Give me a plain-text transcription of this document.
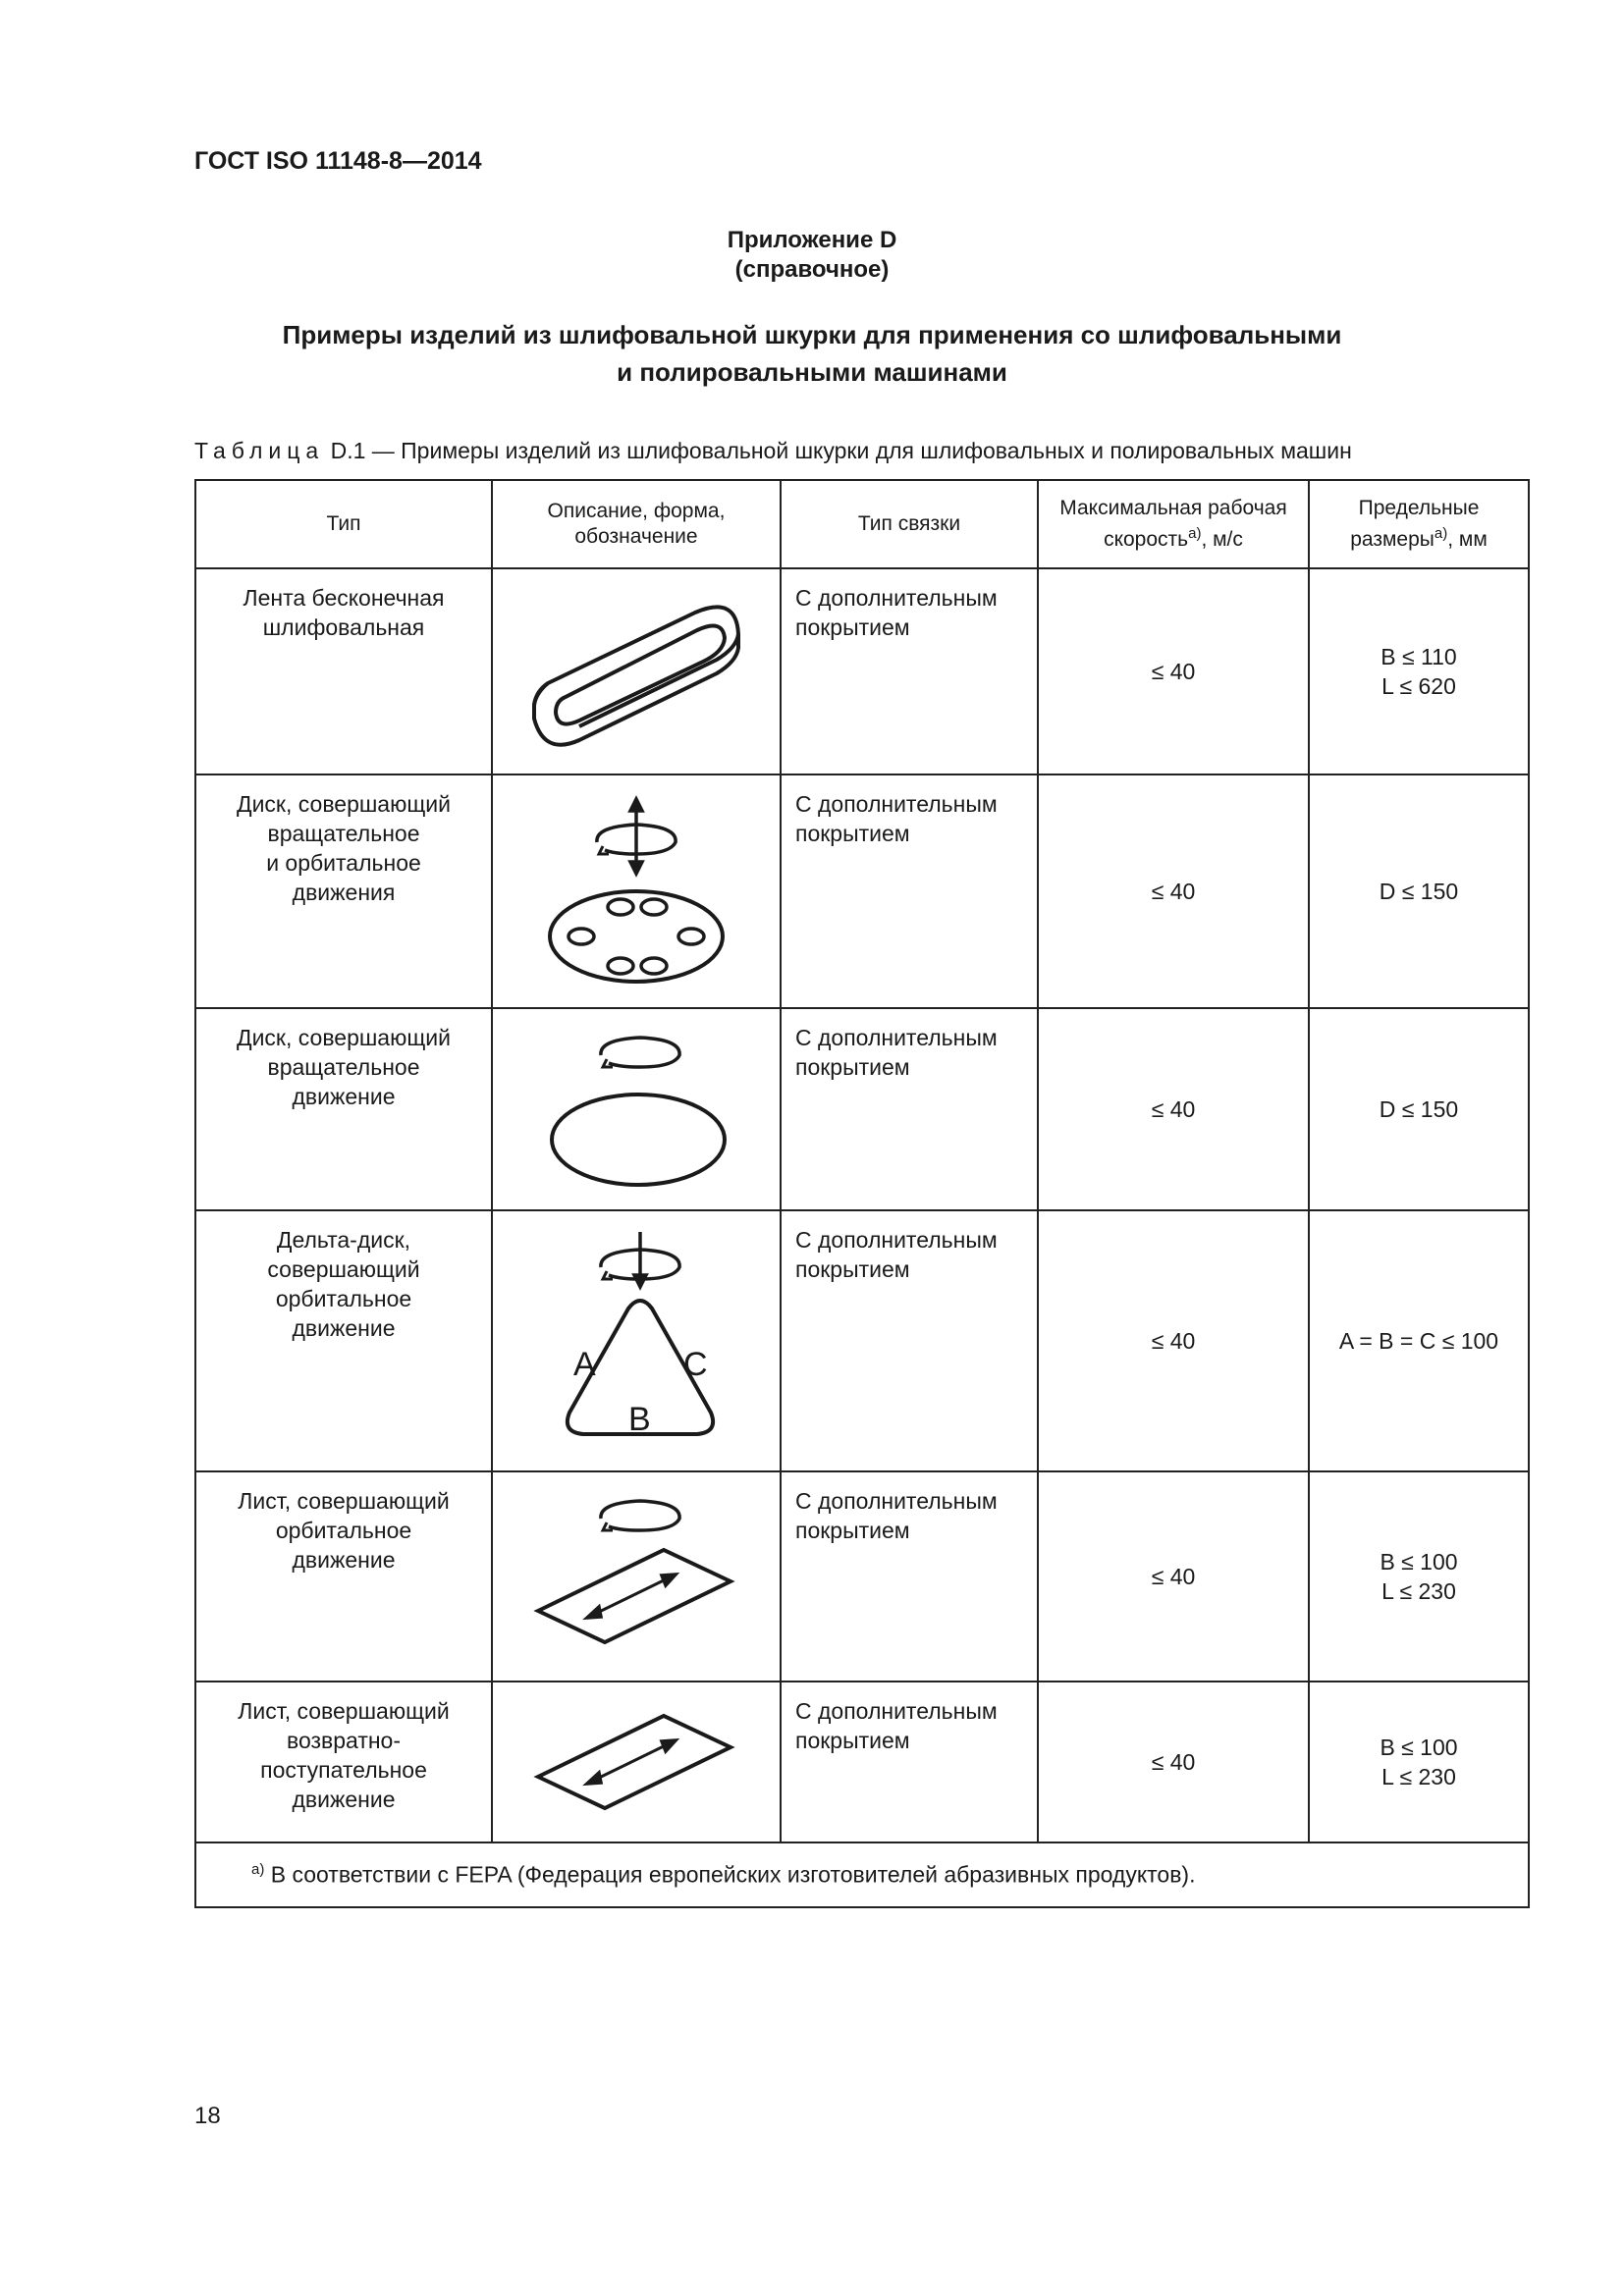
ГОСТ ISO 11148-8—2014
Приложение D
(справочное)
Примеры изделий из шлифовальной шкурки для применения со шлифовальными
и полировальными машинами
Таблица D.1 — Примеры изделий из шлифовальной шкурки для шлифовальных и полировальных машин
Тип	Описание, форма,
обозначение	Тип связки	Максимальная рабочая
скорость$^{а)}$, м/с	Предельные
размеры$^{а)}$, мм
Лента бесконечная
шлифовальная		С дополнительным покрытием	≤ 40	B ≤ 110
L ≤ 620
Диск, совершающий
вращательное
и орбитальное
движения		С дополнительным покрытием	≤ 40	D ≤ 150
Диск, совершающий
вращательное
движение		С дополнительным покрытием	≤ 40	D ≤ 150
Дельта-диск,
совершающий
орбитальное
движение	A C
B	С дополнительным покрытием	≤ 40	A = B = C ≤ 100
Лист, совершающий
орбитальное
движение		С дополнительным покрытием	≤ 40	B ≤ 100
L ≤ 230
Лист, совершающий
возвратно-
поступательное
движение		С дополнительным покрытием	≤ 40	B ≤ 100
L ≤ 230
$^{а)}$ В соответствии с FEPA (Федерация европейских изготовителей абразивных продуктов).				
18
